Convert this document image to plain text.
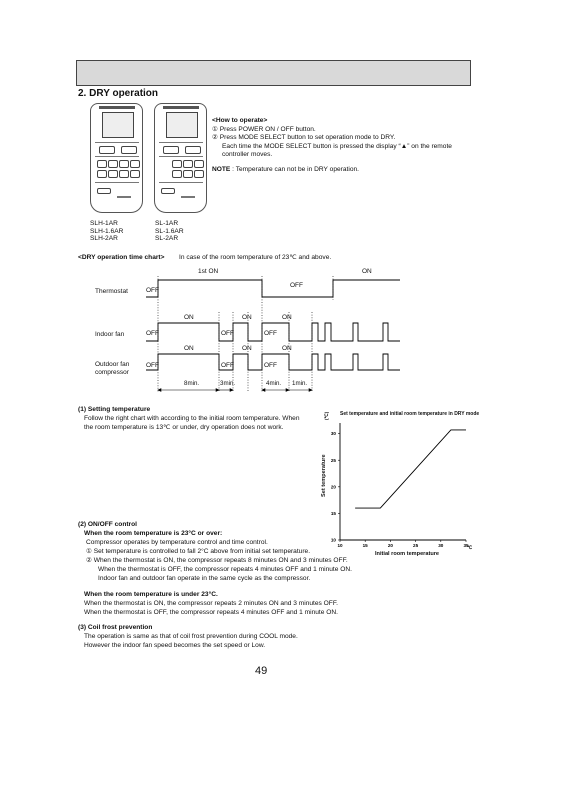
2. DRY operation
SLH-1AR
SLH-1.6AR
SLH-2AR
SL-1AR
SL-1.6AR
SL-2AR
<How to operate>
① Press POWER ON / OFF button.
② Press MODE SELECT button to set operation mode to DRY.
Each time the MODE SELECT button is pressed the display “▲” on the remote
controller moves.
NOTE : Temperature can not be in DRY operation.
<DRY operation time chart> In case of the room temperature of 23℃ and above.
Thermostat
Indoor fan
Outdoor fan
compressor
1st ON	ON
OFF
OFF
ON	ON	ON
OFF	OFF	OFF
ON	ON	ON
OFF	OFF	OFF
8min.	3min.	4min. 1min.
(1) Setting temperature
Follow the right chart with according to the initial room temperature. When
the room temperature is 13℃ or under, dry operation does not work.
Set temperature and initial room temperature in DRY mode
(℃)
Set temperature
Initial room temperature
℃
10	15	20	25	30	35
10
15
20
25
30
(2) ON/OFF control
When the room temperature is 23°C or over:
Compressor operates by temperature control and time control.
① Set temperature is controlled to fall 2°C above from initial set temperature.
② When the thermostat is ON, the compressor repeats 8 minutes ON and 3 minutes OFF.
When the thermostat is OFF, the compressor repeats 4 minutes OFF and 1 minute ON.
Indoor fan and outdoor fan operate in the same cycle as the compressor.
When the room temperature is under 23°C.
When the thermostat is ON, the compressor repeats 2 minutes ON and 3 minutes OFF.
When the thermostat is OFF, the compressor repeats 4 minutes OFF and 1 minute ON.
(3) Coil frost prevention
The operation is same as that of coil frost prevention during COOL mode.
However the indoor fan speed becomes the set speed or Low.
49
